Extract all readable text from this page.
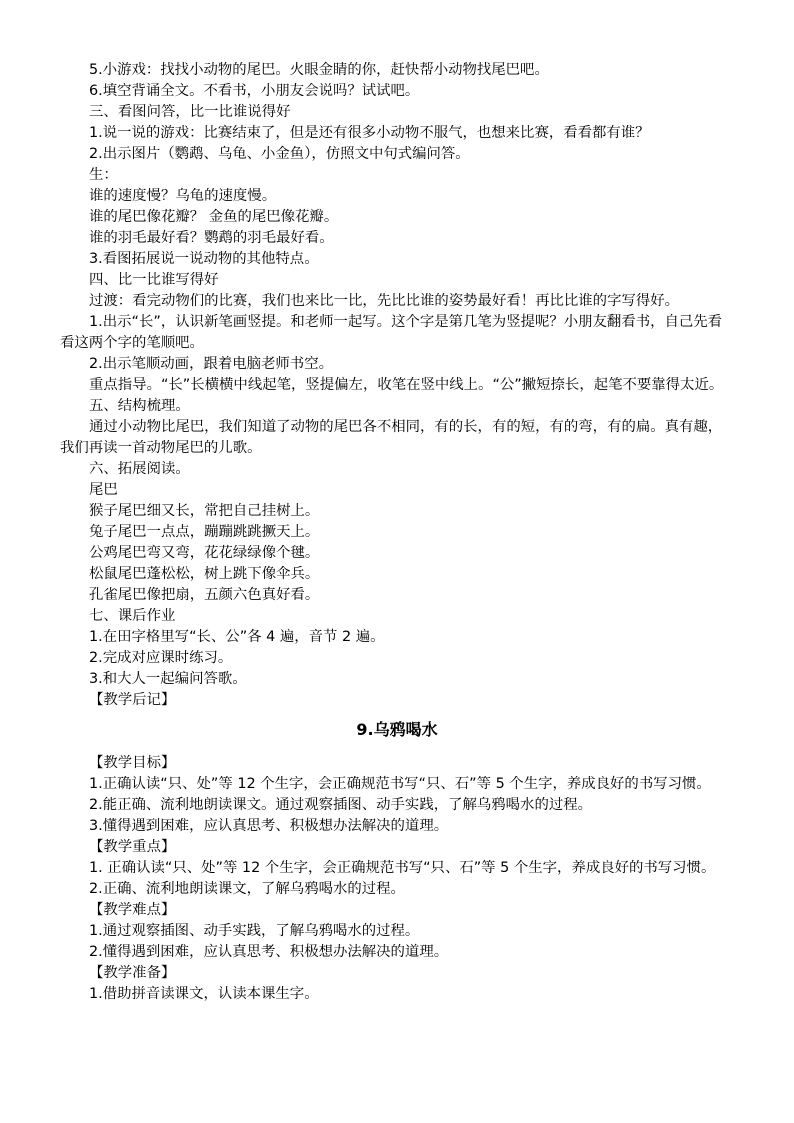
5.小游戏：找找小动物的尾巴。火眼金睛的你，赶快帮小动物找尾巴吧。
6.填空背诵全文。不看书，小朋友会说吗？试试吧。
三、看图问答，比一比谁说得好
1.说一说的游戏：比赛结束了，但是还有很多小动物不服气，也想来比赛，看看都有谁？
2.出示图片（鹦鹉、乌龟、小金鱼），仿照文中句式编问答。
生：
谁的速度慢？乌龟的速度慢。
谁的尾巴像花瓣？ 金鱼的尾巴像花瓣。
谁的羽毛最好看？鹦鹉的羽毛最好看。
3.看图拓展说一说动物的其他特点。
四、比一比谁写得好
过渡：看完动物们的比赛，我们也来比一比，先比比谁的姿势最好看！再比比谁的字写得好。
1.出示“长”，认识新笔画竖提。和老师一起写。这个字是第几笔为竖提呢？小朋友翻看书，自己先看看这两个字的笔顺吧。
2.出示笔顺动画，跟着电脑老师书空。
重点指导。“长”长横横中线起笔，竖提偏左，收笔在竖中线上。“公”撇短捺长，起笔不要靠得太近。
五、结构梳理。
通过小动物比尾巴，我们知道了动物的尾巴各不相同，有的长，有的短，有的弯，有的扁。真有趣，我们再读一首动物尾巴的儿歌。
六、拓展阅读。
尾巴
猴子尾巴细又长，常把自己挂树上。
兔子尾巴一点点，蹦蹦跳跳撅天上。
公鸡尾巴弯又弯，花花绿绿像个毽。
松鼠尾巴蓬松松，树上跳下像伞兵。
孔雀尾巴像把扇，五颜六色真好看。
七、课后作业
1.在田字格里写“长、公”各 4 遍，音节 2 遍。
2.完成对应课时练习。
3.和大人一起编问答歌。
【教学后记】
9.乌鸦喝水
【教学目标】
1.正确认读“只、处”等 12 个生字，会正确规范书写“只、石”等 5 个生字，养成良好的书写习惯。
2.能正确、流利地朗读课文。通过观察插图、动手实践，了解乌鸦喝水的过程。
3.懂得遇到困难，应认真思考、积极想办法解决的道理。
【教学重点】
1. 正确认读“只、处”等 12 个生字，会正确规范书写“只、石”等 5 个生字，养成良好的书写习惯。
2.正确、流利地朗读课文，了解乌鸦喝水的过程。
【教学难点】
1.通过观察插图、动手实践，了解乌鸦喝水的过程。
2.懂得遇到困难，应认真思考、积极想办法解决的道理。
【教学准备】
1.借助拼音读课文，认读本课生字。
